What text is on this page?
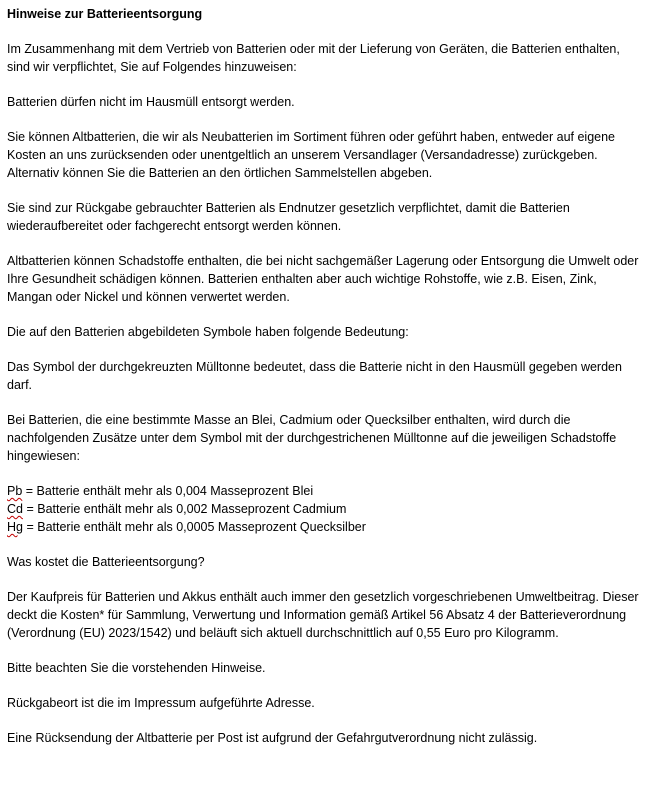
Hinweise zur Batterieentsorgung

Im Zusammenhang mit dem Vertrieb von Batterien oder mit der Lieferung von Geräten, die Batterien enthalten, sind wir verpflichtet, Sie auf Folgendes hinzuweisen:

Batterien dürfen nicht im Hausmüll entsorgt werden.

Sie können Altbatterien, die wir als Neubatterien im Sortiment führen oder geführt haben, entweder auf eigene Kosten an uns zurücksenden oder unentgeltlich an unserem Versandlager (Versandadresse) zurückgeben. Alternativ können Sie die Batterien an den örtlichen Sammelstellen abgeben.

Sie sind zur Rückgabe gebrauchter Batterien als Endnutzer gesetzlich verpflichtet, damit die Batterien wiederaufbereitet oder fachgerecht entsorgt werden können.

Altbatterien können Schadstoffe enthalten, die bei nicht sachgemäßer Lagerung oder Entsorgung die Umwelt oder Ihre Gesundheit schädigen können. Batterien enthalten aber auch wichtige Rohstoffe, wie z.B. Eisen, Zink, Mangan oder Nickel und können verwertet werden.

Die auf den Batterien abgebildeten Symbole haben folgende Bedeutung:

Das Symbol der durchgekreuzten Mülltonne bedeutet, dass die Batterie nicht in den Hausmüll gegeben werden darf.

Bei Batterien, die eine bestimmte Masse an Blei, Cadmium oder Quecksilber enthalten, wird durch die nachfolgenden Zusätze unter dem Symbol mit der durchgestrichenen Mülltonne auf die jeweiligen Schadstoffe hingewiesen:

Pb = Batterie enthält mehr als 0,004 Masseprozent Blei
Cd = Batterie enthält mehr als 0,002 Masseprozent Cadmium
Hg = Batterie enthält mehr als 0,0005 Masseprozent Quecksilber

Was kostet die Batterieentsorgung?

Der Kaufpreis für Batterien und Akkus enthält auch immer den gesetzlich vorgeschriebenen Umweltbeitrag. Dieser deckt die Kosten* für Sammlung, Verwertung und Information gemäß Artikel 56 Absatz 4 der Batterieverordnung (Verordnung (EU) 2023/1542) und beläuft sich aktuell durchschnittlich auf 0,55 Euro pro Kilogramm.

Bitte beachten Sie die vorstehenden Hinweise.

Rückgabeort ist die im Impressum aufgeführte Adresse.

Eine Rücksendung der Altbatterie per Post ist aufgrund der Gefahrgutverordnung nicht zulässig.
